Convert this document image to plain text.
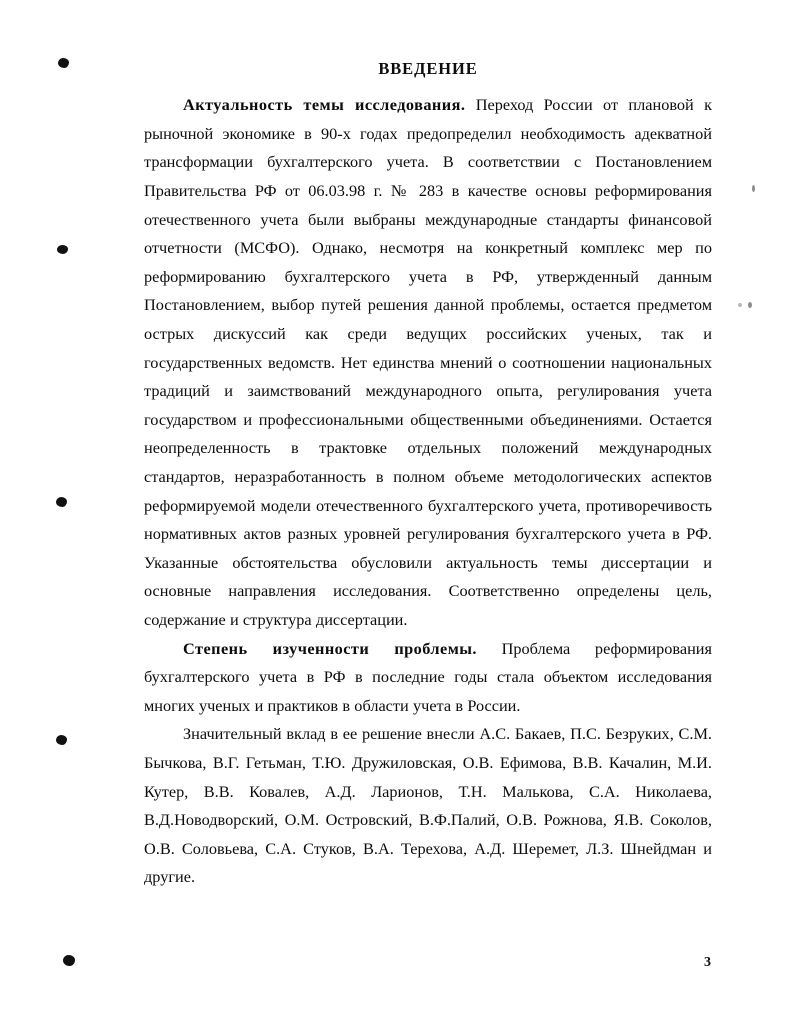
ВВЕДЕНИЕ

Актуальность темы исследования. Переход России от плановой к рыночной экономике в 90-х годах предопределил необходимость адекватной трансформации бухгалтерского учета. В соответствии с Постановлением Правительства РФ от 06.03.98 г. № 283 в качестве основы реформирования отечественного учета были выбраны международные стандарты финансовой отчетности (МСФО). Однако, несмотря на конкретный комплекс мер по реформированию бухгалтерского учета в РФ, утвержденный данным Постановлением, выбор путей решения данной проблемы, остается предметом острых дискуссий как среди ведущих российских ученых, так и государственных ведомств. Нет единства мнений о соотношении национальных традиций и заимствований международного опыта, регулирования учета государством и профессиональными общественными объединениями. Остается неопределенность в трактовке отдельных положений международных стандартов, неразработанность в полном объеме методологических аспектов реформируемой модели отечественного бухгалтерского учета, противоречивость нормативных актов разных уровней регулирования бухгалтерского учета в РФ. Указанные обстоятельства обусловили актуальность темы диссертации и основные направления исследования. Соответственно определены цель, содержание и структура диссертации.

Степень изученности проблемы. Проблема реформирования бухгалтерского учета в РФ в последние годы стала объектом исследования многих ученых и практиков в области учета в России.

Значительный вклад в ее решение внесли А.С. Бакаев, П.С. Безруких, С.М. Бычкова, В.Г. Гетьман, Т.Ю. Дружиловская, О.В. Ефимова, В.В. Качалин, М.И. Кутер, В.В. Ковалев, А.Д. Ларионов, Т.Н. Малькова, С.А. Николаева, В.Д.Новодворский, О.М. Островский, В.Ф.Палий, О.В. Рожнова, Я.В. Соколов, О.В. Соловьева, С.А. Стуков, В.А. Терехова, А.Д. Шеремет, Л.З. Шнейдман и другие.

3
